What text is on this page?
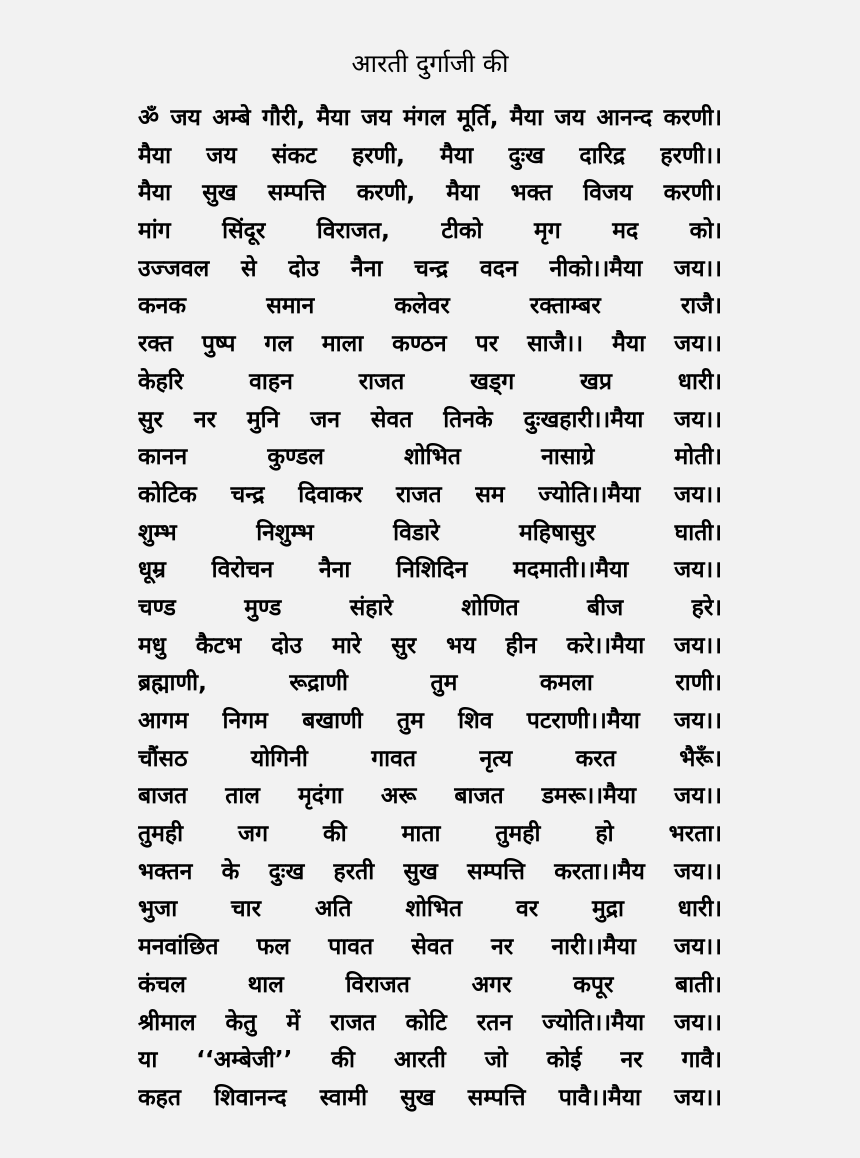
आरती दुर्गाजी की
ॐ जय अम्बे गौरी, मैया जय मंगल मूर्ति, मैया जय आनन्द करणी।
मैया जय संकट हरणी, मैया दुःख दारिद्र हरणी।।
मैया सुख सम्पत्ति करणी, मैया भक्त विजय करणी।
मांग सिंदूर विराजत, टीको मृग मद को।
उज्जवल से दोउ नैना चन्द्र वदन नीको।।मैया जय।।
कनक समान कलेवर रक्ताम्बर राजै।
रक्त पुष्प गल माला कण्ठन पर साजै।। मैया जय।।
केहरि वाहन राजत खड्ग खप्र धारी।
सुर नर मुनि जन सेवत तिनके दुःखहारी।।मैया जय।।
कानन कुण्डल शोभित नासाग्रे मोती।
कोटिक चन्द्र दिवाकर राजत सम ज्योति।।मैया जय।।
शुम्भ निशुम्भ विडारे महिषासुर घाती।
धूम्र विरोचन नैना निशिदिन मदमाती।।मैया जय।।
चण्ड मुण्ड संहारे शोणित बीज हरे।
मधु कैटभ दोउ मारे सुर भय हीन करे।।मैया जय।।
ब्रह्माणी, रूद्राणी तुम कमला राणी।
आगम निगम बखाणी तुम शिव पटराणी।।मैया जय।।
चौंसठ योगिनी गावत नृत्य करत भैरूँ।
बाजत ताल मृदंगा अरू बाजत डमरू।।मैया जय।।
तुमही जग की माता तुमही हो भरता।
भक्तन के दुःख हरती सुख सम्पत्ति करता।।मैय जय।।
भुजा चार अति शोभित वर मुद्रा धारी।
मनवांछित फल पावत सेवत नर नारी।।मैया जय।।
कंचल थाल विराजत अगर कपूर बाती।
श्रीमाल केतु में राजत कोटि रतन ज्योति।।मैया जय।।
या ‘‘अम्बेजी’’ की आरती जो कोई नर गावै।
कहत शिवानन्द स्वामी सुख सम्पत्ति पावै।।मैया जय।।
